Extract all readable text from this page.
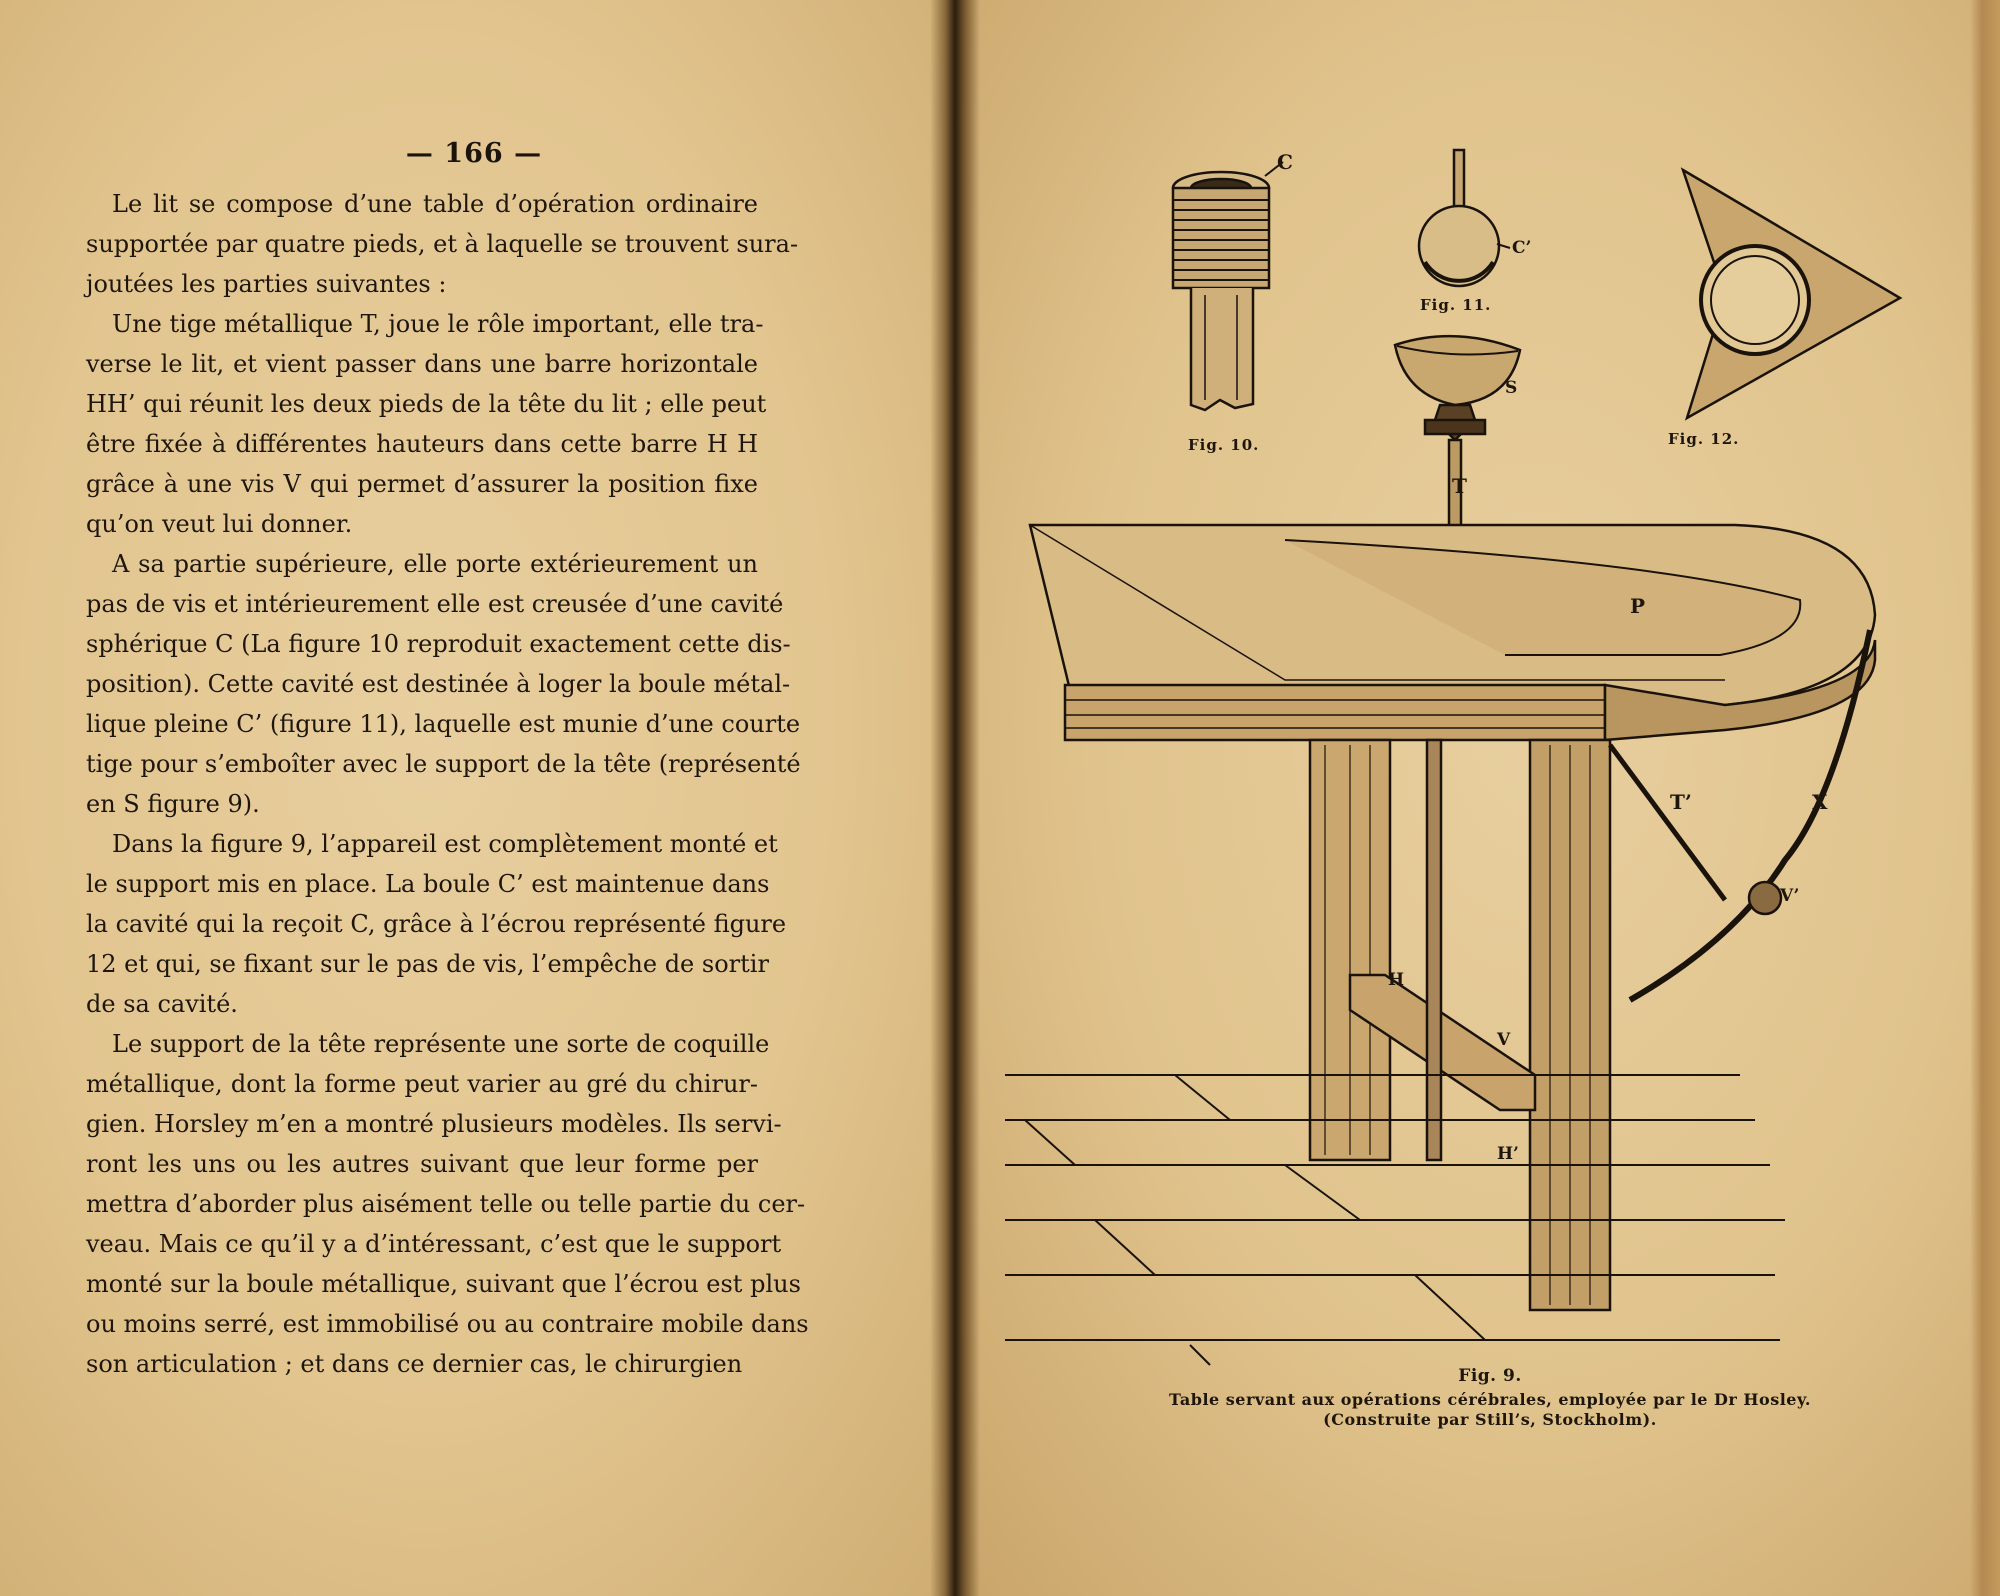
— 166 —
Le lit se compose d’une table d’opération ordinaire
supportée par quatre pieds, et à laquelle se trouvent sura-
joutées les parties suivantes :
Une tige métallique T, joue le rôle important, elle tra-
verse le lit, et vient passer dans une barre horizontale
HH’ qui réunit les deux pieds de la tête du lit ; elle peut
être fixée à différentes hauteurs dans cette barre H H
grâce à une vis V qui permet d’assurer la position fixe
qu’on veut lui donner.
A sa partie supérieure, elle porte extérieurement un
pas de vis et intérieurement elle est creusée d’une cavité
sphérique C (La figure 10 reproduit exactement cette dis-
position). Cette cavité est destinée à loger la boule métal-
lique pleine C’ (figure 11), laquelle est munie d’une courte
tige pour s’emboîter avec le support de la tête (représenté
en S figure 9).
Dans la figure 9, l’appareil est complètement monté et
le support mis en place. La boule C’ est maintenue dans
la cavité qui la reçoit C, grâce à l’écrou représenté figure
12 et qui, se fixant sur le pas de vis, l’empêche de sortir
de sa cavité.
Le support de la tête représente une sorte de coquille
métallique, dont la forme peut varier au gré du chirur-
gien. Horsley m’en a montré plusieurs modèles. Ils servi-
ront les uns ou les autres suivant que leur forme per
mettra d’aborder plus aisément telle ou telle partie du cer-
veau. Mais ce qu’il y a d’intéressant, c’est que le support
monté sur la boule métallique, suivant que l’écrou est plus
ou moins serré, est immobilisé ou au contraire mobile dans
son articulation ; et dans ce dernier cas, le chirurgien
Fig. 10.
Fig. 11.
Fig. 12.
C
C’
S
T
P
T’	X
V’
H
V
H’
Fig. 9.
Table servant aux opérations cérébrales, employée par le Dr Hosley.
(Construite par Still’s, Stockholm).
